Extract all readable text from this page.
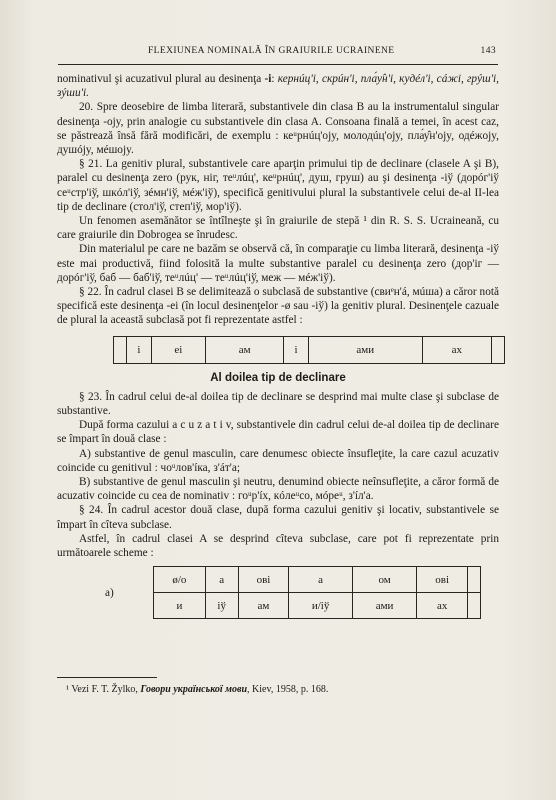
FLEXIUNEA NOMINALĂ ÎN GRAIURILE UCRAINENE	143

nominativul şi acuzativul plural au desinenţa -i: кернúц'і, скрúн'і, пла́у̂н'і, кудéл'і, сáжі, грýш'і, зýши'і.

20. Spre deosebire de limba literară, substantivele din clasa B au la instrumentalul singular desinenţa -ojy, prin analogie cu substantivele din clasa A. Consoana finală a temei, în acest caz, se păstrează însă fără modificări, de exemplu : кеᵘрнúц'ojy, молодúц'ojy, пла́у̂н'ojy, одéжojy, душójy, мéшojy.

§ 21. La genitiv plural, substantivele care aparţin primului tip de declinare (clasele A şi B), paralel cu desinenţa zero (рук, ніг, теᵘлúц', кеᵘрнúц', душ, груш) au şi desinenţa -іў (дорóг'іў сеᵘстр'іў, шкóл'іў, зéмн'іў, мéж'іў), specifică genitivului plural la substantivele celui de-al II-lea tip de declinare (стол'іў, степ'іў, мор'іў).

Un fenomen asemănător se întîlneşte şi în graiurile de stepă ¹ din R. S. S. Ucraineană, cu care graiurile din Dobrogea se înrudesc.

Din materialul pe care ne bazăm se observă că, în comparaţie cu limba literară, desinenţa -іў este mai productivă, fiind folosită la multe substantive paralel cu desinenţa zero (дор'іг — дорóг'іў, баб — баб'іў, теᵘлúц' — теᵘлúц'іў, меж — мéж'іў).

§ 22. În cadrul clasei B se delimitează o subclasă de substantive (свиᵉн'á, мúша) a căror notă specifică este desinenţa -ei (în locul desinenţelor -ø sau -іў) la genitiv plural. Desinenţele cazuale de plural la această subclasă pot fi reprezentate astfel :

	і	еі	ам	і	ами	ах	
Al doilea tip de declinare

§ 23. În cadrul celui de-al doilea tip de declinare se desprind mai multe clase şi subclase de substantive.

După forma cazului a c u z a t i v, substantivele din cadrul celui de-al doilea tip de declinare se împart în două clase :

A) substantive de genul masculin, care denumesc obiecte însufleţite, la care cazul acuzativ coincide cu genitivul : чоᵘлов'íка, з'áт'а;

B) substantive de genul masculin şi neutru, denumind obiecte neînsufleţite, a căror formă de acuzativ coincide cu cea de nominativ : гоᵘр'íх, кóлеᵘсо, мóреᵘ, з'íл'а.

§ 24. În cadrul acestor două clase, după forma cazului genitiv şi locativ, substantivele se împart în cîteva subclase.

Astfel, în cadrul clasei A se desprind cîteva subclase, care pot fi reprezentate prin următoarele scheme :

a)
ø/о	а	ові	а	ом	ові	
и	іў	ам	и/іў	ами	ах	
¹ Vezi F. T. Žylko, Говори украïнськоï мови, Kiev, 1958, p. 168.
